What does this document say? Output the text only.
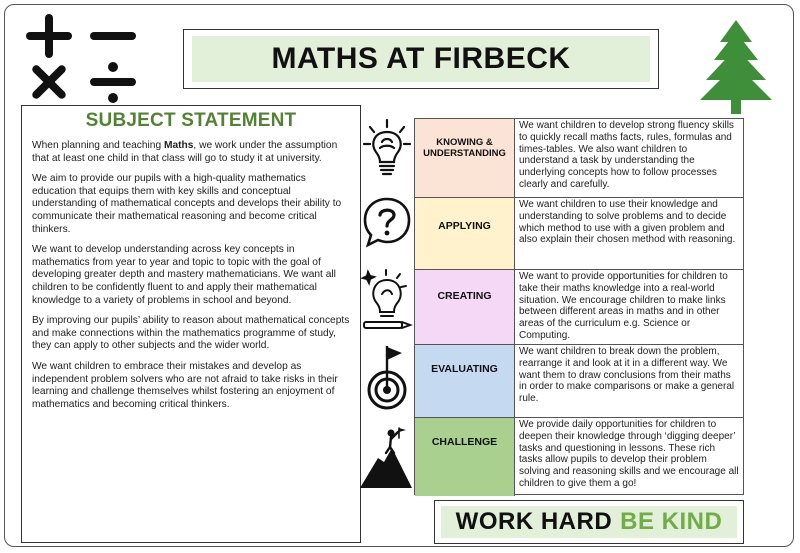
MATHS AT FIRBECK
SUBJECT STATEMENT

When planning and teaching Maths, we work under the assumption that at least one child in that class will go to study it at university.

We aim to provide our pupils with a high-quality mathematics education that equips them with key skills and conceptual understanding of mathematical concepts and develops their ability to communicate their mathematical reasoning and become critical thinkers.

We want to develop understanding across key concepts in mathematics from year to year and topic to topic with the goal of developing greater depth and mastery mathematicians. We want all children to be confidently fluent to and apply their mathematical knowledge to a variety of problems in school and beyond.

By improving our pupils’ ability to reason about mathematical concepts and make connections within the mathematics programme of study, they can apply to other subjects and the wider world.

We want children to embrace their mistakes and develop as independent problem solvers who are not afraid to take risks in their learning and challenge themselves whilst fostering an enjoyment of mathematics and becoming critical thinkers.

KNOWING & UNDERSTANDING
We want children to develop strong fluency skills to quickly recall maths facts, rules, formulas and times-tables. We also want children to understand a task by understanding the underlying concepts how to follow processes clearly and carefully.
APPLYING
We want children to use their knowledge and understanding to solve problems and to decide which method to use with a given problem and also explain their chosen method with reasoning.
CREATING
We want to provide opportunities for children to take their maths knowledge into a real-world situation. We encourage children to make links between different areas in maths and in other areas of the curriculum e.g. Science or Computing.
EVALUATING
We want children to break down the problem, rearrange it and look at it in a different way. We want them to draw conclusions from their maths in order to make comparisons or make a general rule.
CHALLENGE
We provide daily opportunities for children to deepen their knowledge through ‘digging deeper’ tasks and questioning in lessons. These rich tasks allow pupils to develop their problem solving and reasoning skills and we encourage all children to give them a go!
WORK HARD BE KIND
